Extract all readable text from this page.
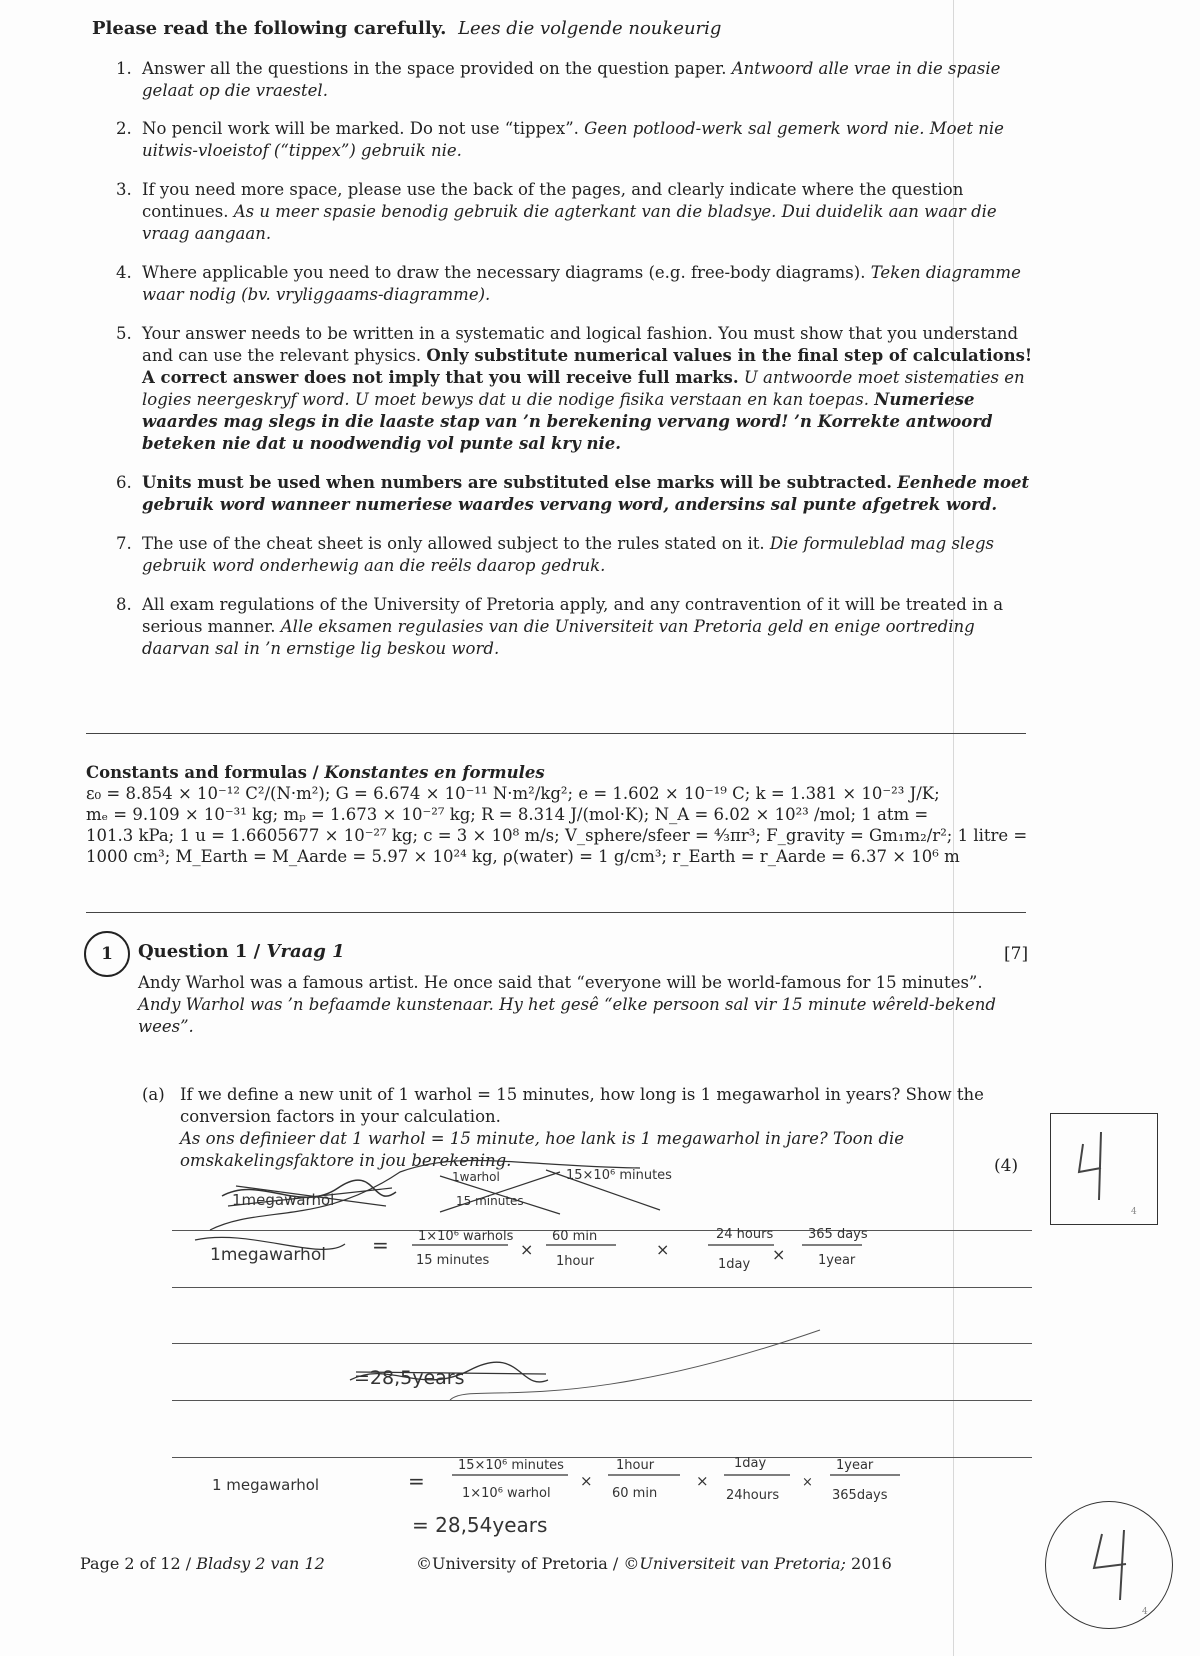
Please read the following carefully. Lees die volgende noukeurig
1. Answer all the questions in the space provided on the question paper. Antwoord alle vrae in die spasie gelaat op die vraestel.
2. No pencil work will be marked. Do not use “tippex”. Geen potlood-werk sal gemerk word nie. Moet nie uitwis-vloeistof (“tippex”) gebruik nie.
3. If you need more space, please use the back of the pages, and clearly indicate where the question continues. As u meer spasie benodig gebruik die agterkant van die bladsye. Dui duidelik aan waar die vraag aangaan.
4. Where applicable you need to draw the necessary diagrams (e.g. free-body diagrams). Teken diagramme waar nodig (bv. vryliggaams-diagramme).
5. Your answer needs to be written in a systematic and logical fashion. You must show that you understand and can use the relevant physics. Only substitute numerical values in the final step of calculations! A correct answer does not imply that you will receive full marks. U antwoorde moet sistematies en logies neergeskryf word. U moet bewys dat u die nodige fisika verstaan en kan toepas. Numeriese waardes mag slegs in die laaste stap van ’n berekening vervang word! ’n Korrekte antwoord beteken nie dat u noodwendig vol punte sal kry nie.
6. Units must be used when numbers are substituted else marks will be subtracted. Eenhede moet gebruik word wanneer numeriese waardes vervang word, andersins sal punte afgetrek word.
7. The use of the cheat sheet is only allowed subject to the rules stated on it. Die formuleblad mag slegs gebruik word onderhewig aan die reëls daarop gedruk.
8. All exam regulations of the University of Pretoria apply, and any contravention of it will be treated in a serious manner. Alle eksamen regulasies van die Universiteit van Pretoria geld en enige oortreding daarvan sal in ’n ernstige lig beskou word.
Constants and formulas / Konstantes en formules
ε₀ = 8.854 × 10⁻¹² C²/(N·m²); G = 6.674 × 10⁻¹¹ N·m²/kg²; e = 1.602 × 10⁻¹⁹ C; k = 1.381 × 10⁻²³ J/K;
mₑ = 9.109 × 10⁻³¹ kg; mₚ = 1.673 × 10⁻²⁷ kg; R = 8.314 J/(mol·K); N_A = 6.02 × 10²³ /mol; 1 atm =
101.3 kPa; 1 u = 1.6605677 × 10⁻²⁷ kg; c = 3 × 10⁸ m/s; V_sphere/sfeer = ⁴⁄₃πr³; F_gravity = Gm₁m₂/r²; 1 litre =
1000 cm³; M_Earth = M_Aarde = 5.97 × 10²⁴ kg, ρ(water) = 1 g/cm³; r_Earth = r_Aarde = 6.37 × 10⁶ m
1	Question 1 / Vraag 1	[7]
Andy Warhol was a famous artist. He once said that “everyone will be world-famous for 15 minutes”.
Andy Warhol was ’n befaamde kunstenaar. Hy het gesê “elke persoon sal vir 15 minute wêreld-bekend wees”.
(a) If we define a new unit of 1 warhol = 15 minutes, how long is 1 megawarhol in years? Show the conversion factors in your calculation.
As ons definieer dat 1 warhol = 15 minute, hoe lank is 1 megawarhol in jare? Toon die omskakelingsfaktore in jou berekening.	(4)
4
4
1megawarhol
1warhol
15 minutes
15×10⁶ minutes
1megawarhol = 1×10⁶ warhols
15 minutes
×
60 min
1hour
×
24 hours
1day
×
365 days
1year
=28,5years
1 megawarhol	=
15×10⁶ minutes
1×10⁶ warhol
×
1hour
60 min
×
1day
24hours
×
1year
365days
= 28,54years
Page 2 of 12 / Bladsy 2 van 12	©University of Pretoria / ©Universiteit van Pretoria; 2016
